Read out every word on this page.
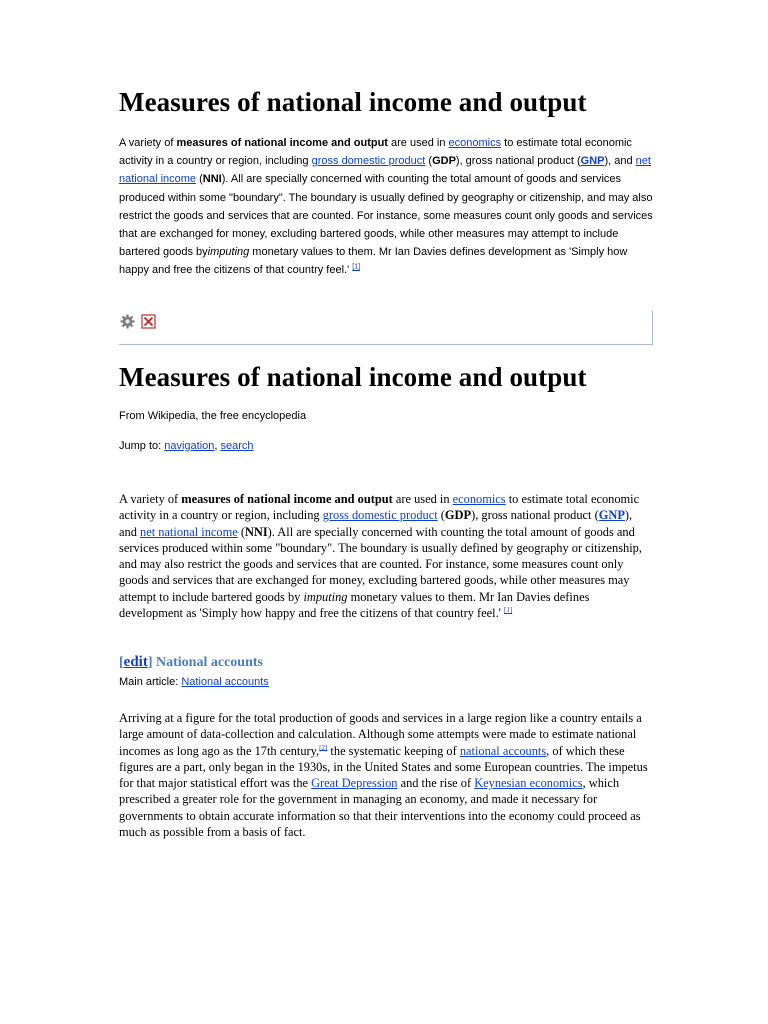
Measures of national income and output
A variety of measures of national income and output are used in economics to estimate total economic activity in a country or region, including gross domestic product (GDP), gross national product (GNP), and net national income (NNI). All are specially concerned with counting the total amount of goods and services produced within some "boundary". The boundary is usually defined by geography or citizenship, and may also restrict the goods and services that are counted. For instance, some measures count only goods and services that are exchanged for money, excluding bartered goods, while other measures may attempt to include bartered goods byimputing monetary values to them. Mr Ian Davies defines development as 'Simply how happy and free the citizens of that country feel.' [1]
Measures of national income and output
From Wikipedia, the free encyclopedia
Jump to: navigation, search
A variety of measures of national income and output are used in economics to estimate total economic activity in a country or region, including gross domestic product (GDP), gross national product (GNP), and net national income (NNI). All are specially concerned with counting the total amount of goods and services produced within some "boundary". The boundary is usually defined by geography or citizenship, and may also restrict the goods and services that are counted. For instance, some measures count only goods and services that are exchanged for money, excluding bartered goods, while other measures may attempt to include bartered goods by imputing monetary values to them. Mr Ian Davies defines development as 'Simply how happy and free the citizens of that country feel.' [1]
[edit] National accounts
Main article: National accounts
Arriving at a figure for the total production of goods and services in a large region like a country entails a large amount of data-collection and calculation. Although some attempts were made to estimate national incomes as long ago as the 17th century,[2] the systematic keeping of national accounts, of which these figures are a part, only began in the 1930s, in the United States and some European countries. The impetus for that major statistical effort was the Great Depression and the rise of Keynesian economics, which prescribed a greater role for the government in managing an economy, and made it necessary for governments to obtain accurate information so that their interventions into the economy could proceed as much as possible from a basis of fact.
